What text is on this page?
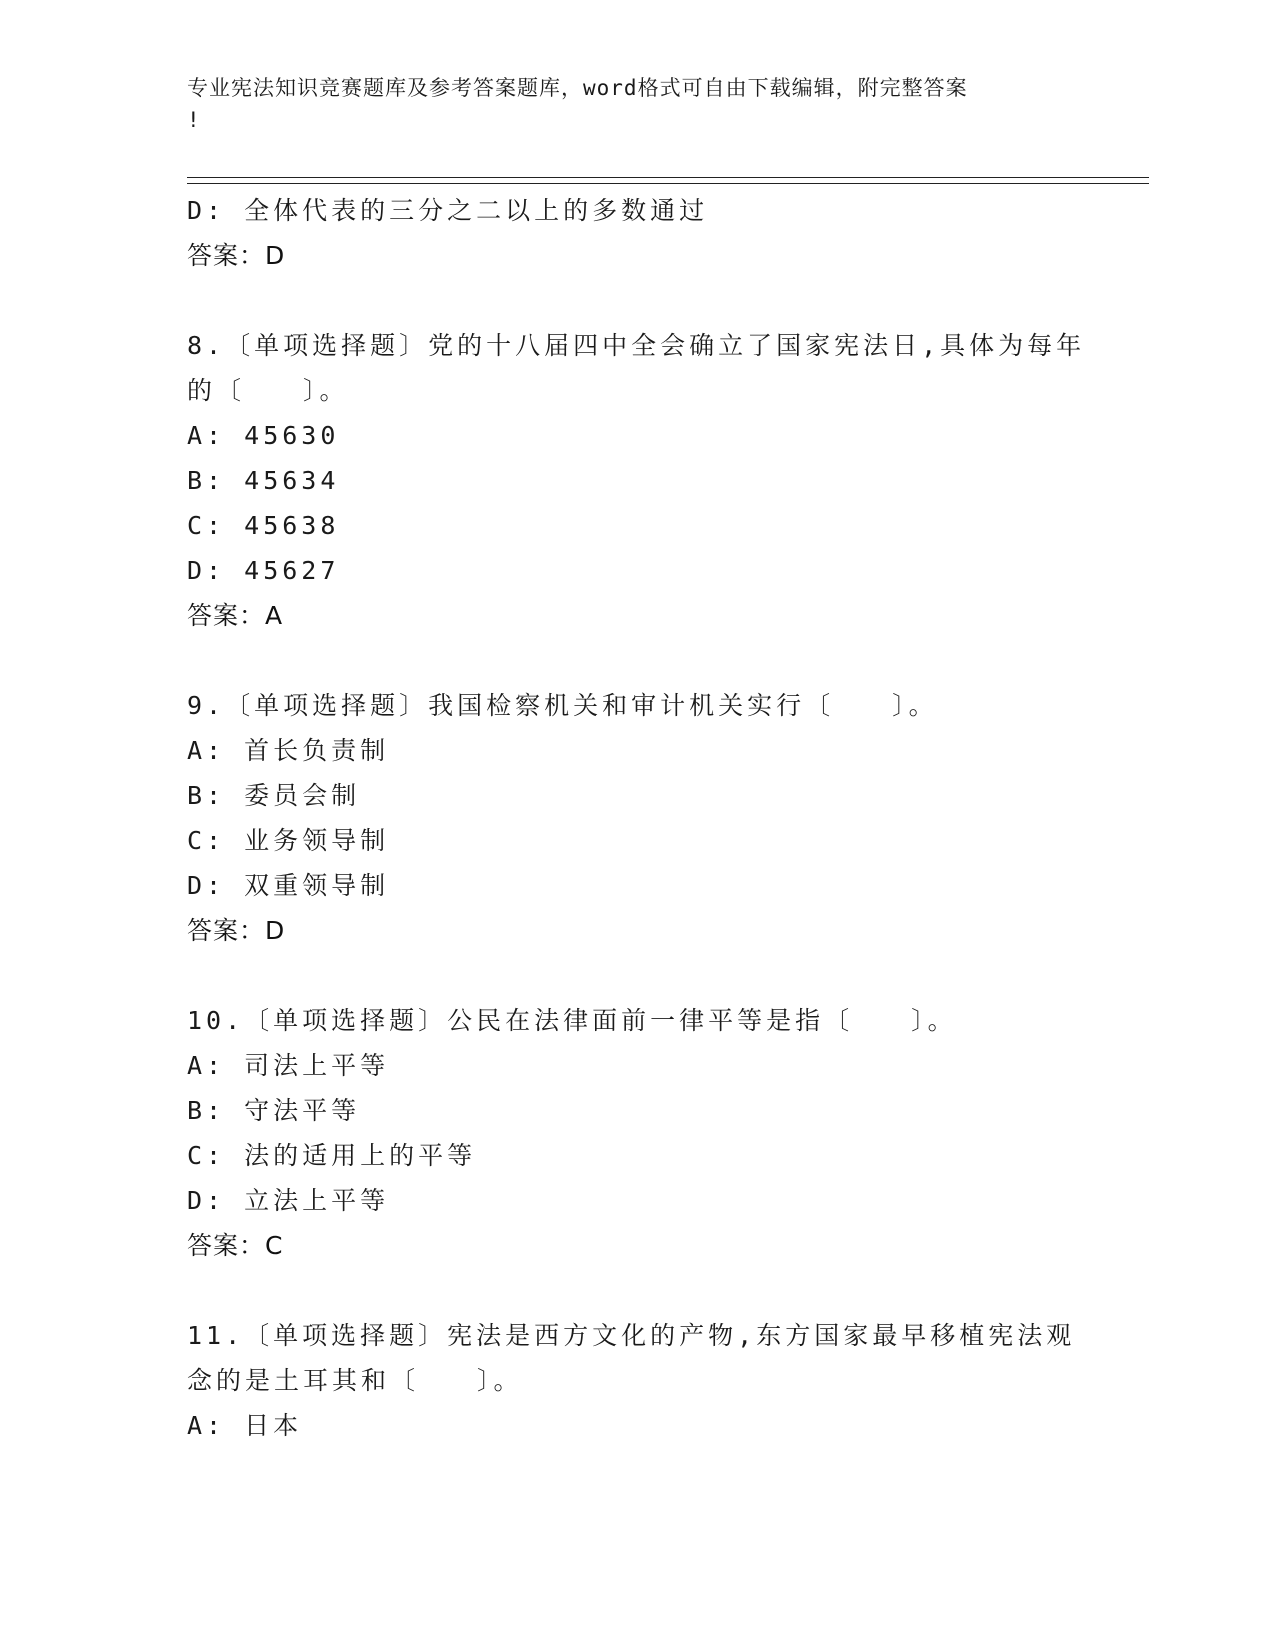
专业宪法知识竞赛题库及参考答案题库，word格式可自由下载编辑，附完整答案
!
D: 全体代表的三分之二以上的多数通过
答案：D
8.〔单项选择题〕党的十八届四中全会确立了国家宪法日,具体为每年
的〔　　〕。
A: 45630
B: 45634
C: 45638
D: 45627
答案：A
9.〔单项选择题〕我国检察机关和审计机关实行〔　　〕。
A: 首长负责制
B: 委员会制
C: 业务领导制
D: 双重领导制
答案：D
10.〔单项选择题〕公民在法律面前一律平等是指〔　　〕。
A: 司法上平等
B: 守法平等
C: 法的适用上的平等
D: 立法上平等
答案：C
11.〔单项选择题〕宪法是西方文化的产物,东方国家最早移植宪法观
念的是土耳其和〔　　〕。
A: 日本
